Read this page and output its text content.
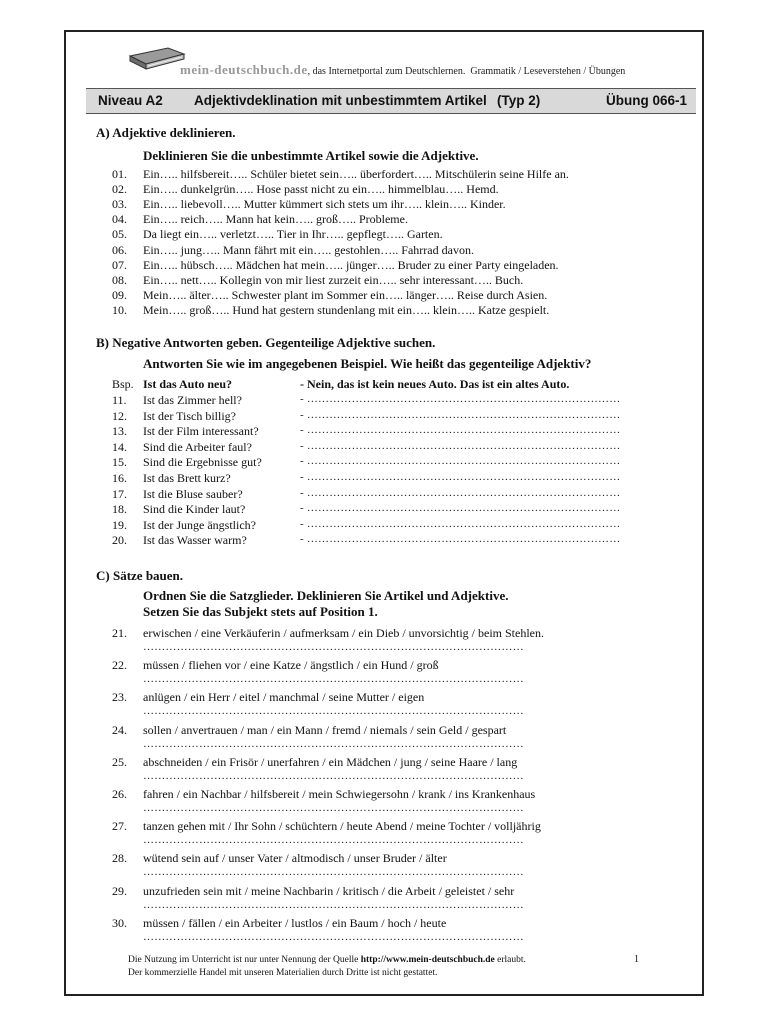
mein-deutschbuch.de, das Internetportal zum Deutschlernen. Grammatik / Leseverstehen / Übungen
Niveau A2 Adjektivdeklination mit unbestimmtem Artikel (Typ 2)	Übung 066-1
A) Adjektive deklinieren.
Deklinieren Sie die unbestimmte Artikel sowie die Adjektive.
01. Ein….. hilfsbereit….. Schüler bietet sein….. überfordert….. Mitschülerin seine Hilfe an.
02. Ein….. dunkelgrün….. Hose passt nicht zu ein….. himmelblau….. Hemd.
03. Ein….. liebevoll….. Mutter kümmert sich stets um ihr….. klein….. Kinder.
04. Ein….. reich….. Mann hat kein….. groß….. Probleme.
05. Da liegt ein….. verletzt….. Tier in Ihr….. gepflegt….. Garten.
06. Ein….. jung….. Mann fährt mit ein….. gestohlen….. Fahrrad davon.
07. Ein….. hübsch….. Mädchen hat mein….. jünger….. Bruder zu einer Party eingeladen.
08. Ein….. nett….. Kollegin von mir liest zurzeit ein….. sehr interessant….. Buch.
09. Mein….. älter….. Schwester plant im Sommer ein….. länger….. Reise durch Asien.
10. Mein….. groß….. Hund hat gestern stundenlang mit ein….. klein….. Katze gespielt.
B) Negative Antworten geben. Gegenteilige Adjektive suchen.
Antworten Sie wie im angegebenen Beispiel. Wie heißt das gegenteilige Adjektiv?
Bsp. Ist das Auto neu?	- Nein, das ist kein neues Auto. Das ist ein altes Auto.
11. Ist das Zimmer hell?	- …………………………………………………………………………
12. Ist der Tisch billig?	- …………………………………………………………………………
13. Ist der Film interessant?	- …………………………………………………………………………
14. Sind die Arbeiter faul?	- …………………………………………………………………………
15. Sind die Ergebnisse gut?	- …………………………………………………………………………
16. Ist das Brett kurz?	- …………………………………………………………………………
17. Ist die Bluse sauber?	- …………………………………………………………………………
18. Sind die Kinder laut?	- …………………………………………………………………………
19. Ist der Junge ängstlich?	- …………………………………………………………………………
20. Ist das Wasser warm?	- …………………………………………………………………………
C) Sätze bauen.
Ordnen Sie die Satzglieder. Deklinieren Sie Artikel und Adjektive.
Setzen Sie das Subjekt stets auf Position 1.
21. erwischen / eine Verkäuferin / aufmerksam / ein Dieb / unvorsichtig / beim Stehlen.
…………………………………………………………………………………………
22. müssen / fliehen vor / eine Katze / ängstlich / ein Hund / groß
…………………………………………………………………………………………
23. anlügen / ein Herr / eitel / manchmal / seine Mutter / eigen
…………………………………………………………………………………………
24. sollen / anvertrauen / man / ein Mann / fremd / niemals / sein Geld / gespart
…………………………………………………………………………………………
25. abschneiden / ein Frisör / unerfahren / ein Mädchen / jung / seine Haare / lang
…………………………………………………………………………………………
26. fahren / ein Nachbar / hilfsbereit / mein Schwiegersohn / krank / ins Krankenhaus
…………………………………………………………………………………………
27. tanzen gehen mit / Ihr Sohn / schüchtern / heute Abend / meine Tochter / volljährig
…………………………………………………………………………………………
28. wütend sein auf / unser Vater / altmodisch / unser Bruder / älter
…………………………………………………………………………………………
29. unzufrieden sein mit / meine Nachbarin / kritisch / die Arbeit / geleistet / sehr
…………………………………………………………………………………………
30. müssen / fällen / ein Arbeiter / lustlos / ein Baum / hoch / heute
…………………………………………………………………………………………
Die Nutzung im Unterricht ist nur unter Nennung der Quelle http://www.mein-deutschbuch.de erlaubt.
Der kommerzielle Handel mit unseren Materialien durch Dritte ist nicht gestattet.
1
